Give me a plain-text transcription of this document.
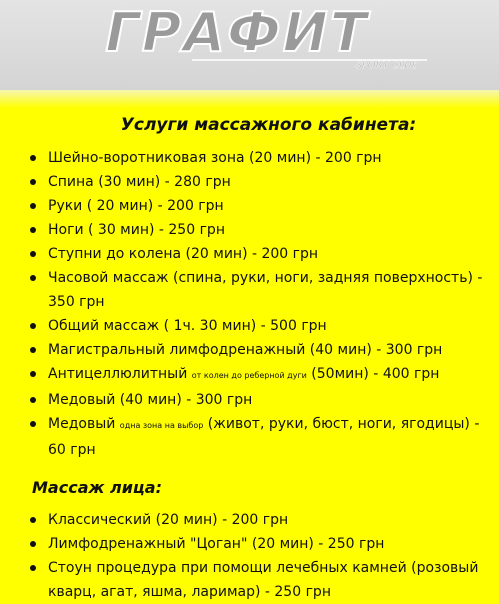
ГРАФИТ
SPORT CLUB
Услуги массажного кабинета:
Шейно-воротниковая зона (20 мин) - 200 грн
Спина (30 мин) - 280 грн
Руки ( 20 мин) - 200 грн
Ноги ( 30 мин) - 250 грн
Ступни до колена (20 мин) - 200 грн
Часовой массаж (спина, руки, ноги, задняя поверхность) - 350 грн
Общий массаж ( 1ч. 30 мин) - 500 грн
Магистральный лимфодренажный (40 мин) - 300 грн
Антицеллюлитный от колен до реберной дуги (50мин) - 400 грн
Медовый (40 мин) - 300 грн
Медовый одна зона на выбор (живот, руки, бюст, ноги, ягодицы) - 60 грн
Массаж лица:
Классический (20 мин) - 200 грн
Лимфодренажный "Цоган" (20 мин) - 250 грн
Стоун процедура при помощи лечебных камней (розовый кварц, агат, яшма, ларимар) - 250 грн
